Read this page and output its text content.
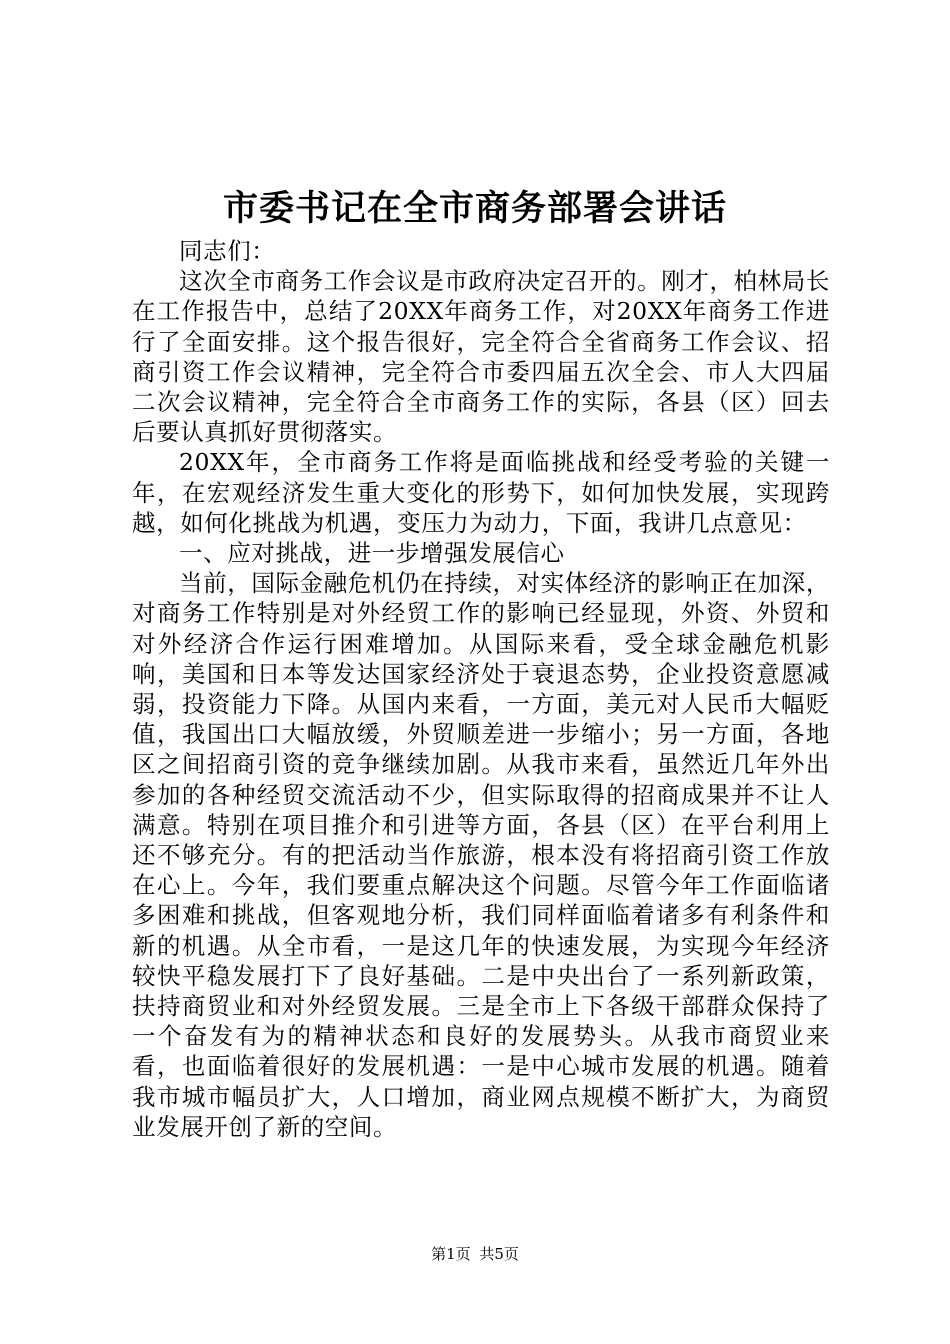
市委书记在全市商务部署会讲话

同志们：

这次全市商务工作会议是市政府决定召开的。刚才，柏林局长在工作报告中，总结了20XX年商务工作，对20XX年商务工作进行了全面安排。这个报告很好，完全符合全省商务工作会议、招商引资工作会议精神，完全符合市委四届五次全会、市人大四届二次会议精神，完全符合全市商务工作的实际，各县（区）回去后要认真抓好贯彻落实。

20XX年，全市商务工作将是面临挑战和经受考验的关键一年，在宏观经济发生重大变化的形势下，如何加快发展，实现跨越，如何化挑战为机遇，变压力为动力，下面，我讲几点意见：

一、应对挑战，进一步增强发展信心

当前，国际金融危机仍在持续，对实体经济的影响正在加深，对商务工作特别是对外经贸工作的影响已经显现，外资、外贸和对外经济合作运行困难增加。从国际来看，受全球金融危机影响，美国和日本等发达国家经济处于衰退态势，企业投资意愿减弱，投资能力下降。从国内来看，一方面，美元对人民币大幅贬值，我国出口大幅放缓，外贸顺差进一步缩小；另一方面，各地区之间招商引资的竞争继续加剧。从我市来看，虽然近几年外出参加的各种经贸交流活动不少，但实际取得的招商成果并不让人满意。特别在项目推介和引进等方面，各县（区）在平台利用上还不够充分。有的把活动当作旅游，根本没有将招商引资工作放在心上。今年，我们要重点解决这个问题。尽管今年工作面临诸多困难和挑战，但客观地分析，我们同样面临着诸多有利条件和新的机遇。从全市看，一是这几年的快速发展，为实现今年经济较快平稳发展打下了良好基础。二是中央出台了一系列新政策，扶持商贸业和对外经贸发展。三是全市上下各级干部群众保持了一个奋发有为的精神状态和良好的发展势头。从我市商贸业来看，也面临着很好的发展机遇：一是中心城市发展的机遇。随着我市城市幅员扩大，人口增加，商业网点规模不断扩大，为商贸业发展开创了新的空间。

第1页 共5页
